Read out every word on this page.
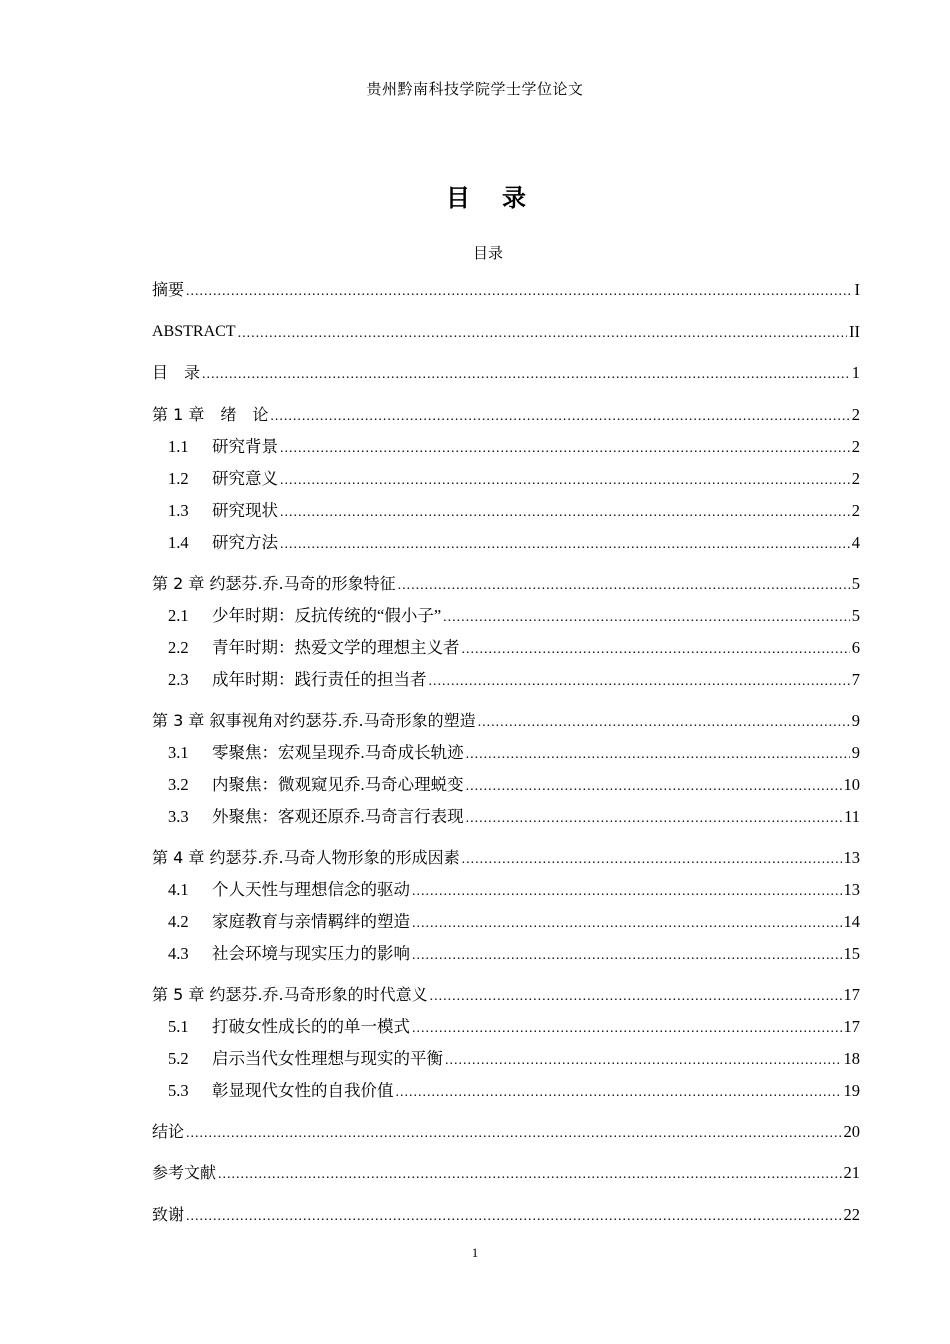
贵州黔南科技学院学士学位论文
目　录
目录
摘要 .....	I
ABSTRACT .....	II
目　录 .....	1
第 1 章　绪　论 .....	2
1.1	研究背景 .....	2
1.2	研究意义 .....	2
1.3	研究现状 .....	2
1.4	研究方法 .....	4
第 2 章 约瑟芬.乔.马奇的形象特征 .....	5
2.1	少年时期：反抗传统的“假小子” .....	5
2.2	青年时期：热爱文学的理想主义者 .....	6
2.3	成年时期：践行责任的担当者 .....	7
第 3 章 叙事视角对约瑟芬.乔.马奇形象的塑造 .....	9
3.1	零聚焦：宏观呈现乔.马奇成长轨迹 .....	9
3.2	内聚焦：微观窥见乔.马奇心理蜕变 .....	10
3.3	外聚焦：客观还原乔.马奇言行表现 .....	11
第 4 章 约瑟芬.乔.马奇人物形象的形成因素 .....	13
4.1	个人天性与理想信念的驱动 .....	13
4.2	家庭教育与亲情羁绊的塑造 .....	14
4.3	社会环境与现实压力的影响 .....	15
第 5 章 约瑟芬.乔.马奇形象的时代意义 .....	17
5.1	打破女性成长的的单一模式 .....	17
5.2	启示当代女性理想与现实的平衡 .....	18
5.3	彰显现代女性的自我价值 .....	19
结论 .....	20
参考文献 .....	21
致谢 .....	22
1
